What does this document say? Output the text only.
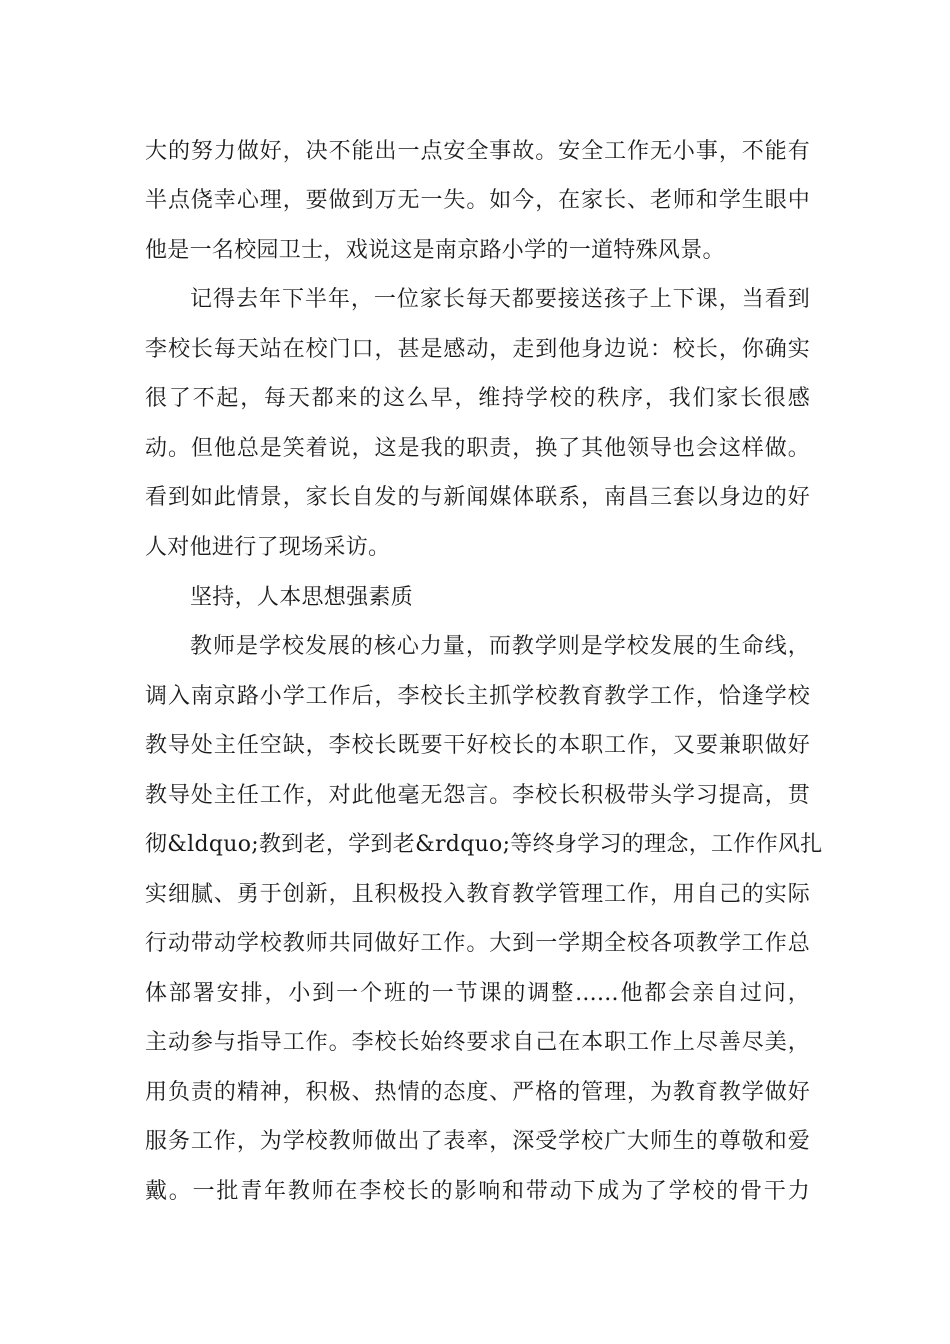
大的努力做好，决不能出一点安全事故。安全工作无小事，不能有
半点侥幸心理，要做到万无一失。如今，在家长、老师和学生眼中
他是一名校园卫士，戏说这是南京路小学的一道特殊风景。
记得去年下半年，一位家长每天都要接送孩子上下课，当看到
李校长每天站在校门口，甚是感动，走到他身边说：校长，你确实
很了不起，每天都来的这么早，维持学校的秩序，我们家长很感
动。但他总是笑着说，这是我的职责，换了其他领导也会这样做。
看到如此情景，家长自发的与新闻媒体联系，南昌三套以身边的好
人对他进行了现场采访。
坚持，人本思想强素质
教师是学校发展的核心力量，而教学则是学校发展的生命线，
调入南京路小学工作后，李校长主抓学校教育教学工作，恰逢学校
教导处主任空缺，李校长既要干好校长的本职工作，又要兼职做好
教导处主任工作，对此他毫无怨言。李校长积极带头学习提高，贯
彻&ldquo;教到老，学到老&rdquo;等终身学习的理念，工作作风扎
实细腻、勇于创新，且积极投入教育教学管理工作，用自己的实际
行动带动学校教师共同做好工作。大到一学期全校各项教学工作总
体部署安排，小到一个班的一节课的调整......他都会亲自过问，
主动参与指导工作。李校长始终要求自己在本职工作上尽善尽美，
用负责的精神，积极、热情的态度、严格的管理，为教育教学做好
服务工作，为学校教师做出了表率，深受学校广大师生的尊敬和爱
戴。一批青年教师在李校长的影响和带动下成为了学校的骨干力
